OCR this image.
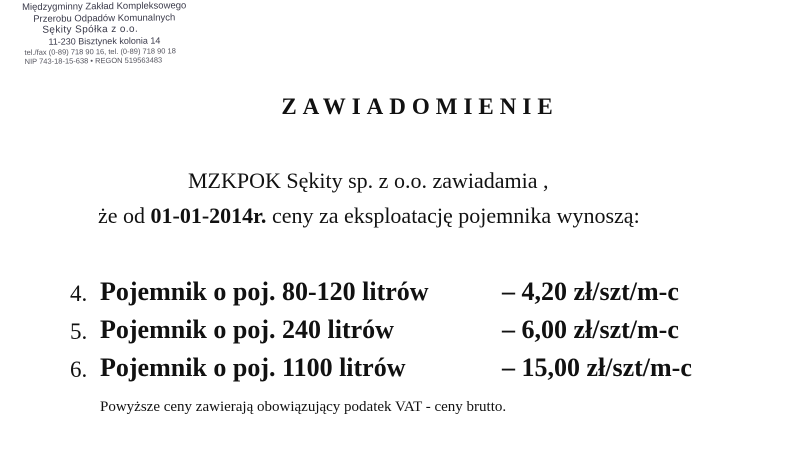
Międzygminny Zakład Kompleksowego
Przerobu Odpadów Komunalnych
Sękity Spółka z o.o.
11-230 Bisztynek kolonia 14
tel./fax (0-89) 718 90 16, tel. (0-89) 718 90 18
NIP 743-18-15-638 • REGON 519563483
ZAWIADOMIENIE
MZKPOK Sękity sp. z o.o. zawiadamia ,
że od 01-01-2014r. ceny za eksploatację pojemnika wynoszą:
4. Pojemnik o poj. 80-120 litrów	– 4,20 zł/szt/m-c
5. Pojemnik o poj. 240 litrów	– 6,00 zł/szt/m-c
6. Pojemnik o poj. 1100 litrów	– 15,00 zł/szt/m-c
Powyższe ceny zawierają obowiązujący podatek VAT - ceny brutto.
